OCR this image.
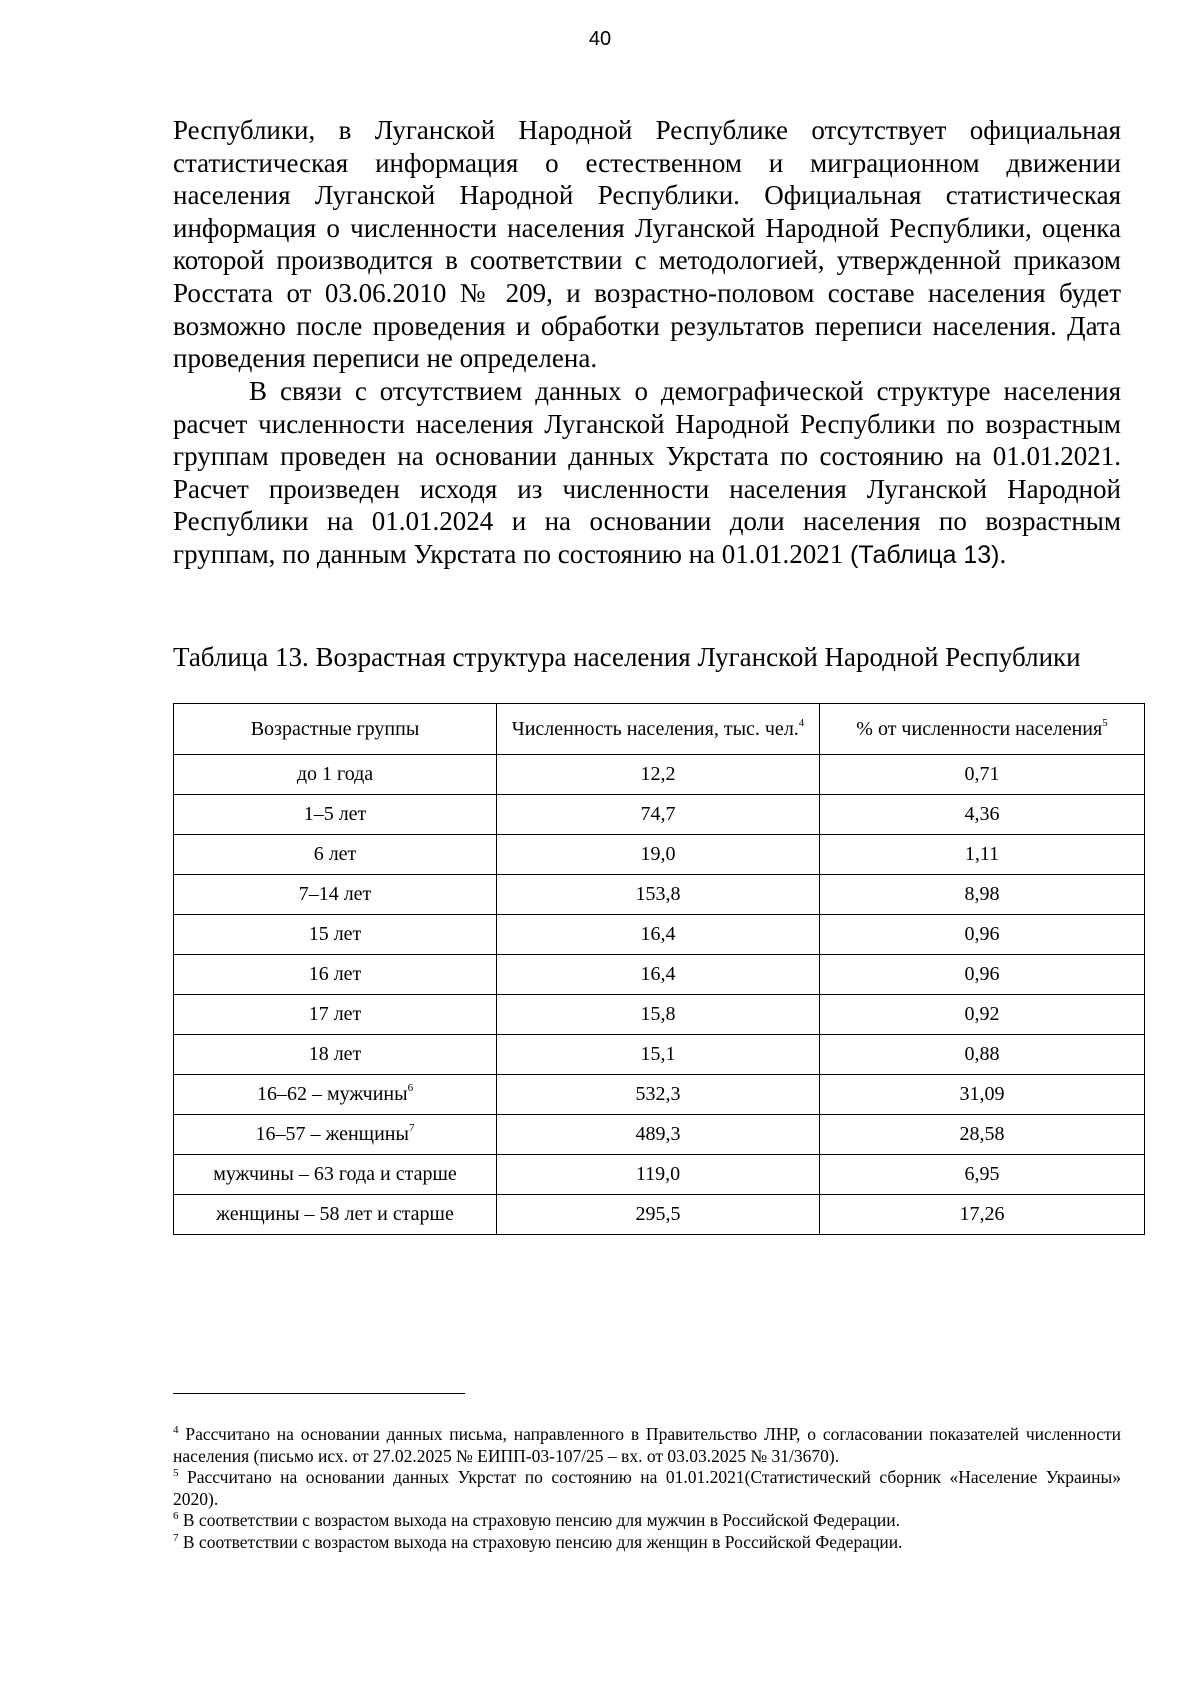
40

Республики, в Луганской Народной Республике отсутствует официальная статистическая информация о естественном и миграционном движении населения Луганской Народной Республики. Официальная статистическая информация о численности населения Луганской Народной Республики, оценка которой производится в соответствии с методологией, утвержденной приказом Росстата от 03.06.2010 № 209, и возрастно-половом составе населения будет возможно после проведения и обработки результатов переписи населения. Дата проведения переписи не определена.

В связи с отсутствием данных о демографической структуре населения расчет численности населения Луганской Народной Республики по возрастным группам проведен на основании данных Укрстата по состоянию на 01.01.2021. Расчет произведен исходя из численности населения Луганской Народной Республики на 01.01.2024 и на основании доли населения по возрастным группам, по данным Укрстата по состоянию на 01.01.2021 (Таблица 13).

Таблица 13. Возрастная структура населения Луганской Народной Республики

Возрастные группы	Численность населения, тыс. чел.$^4$	% от численности населения$^5$
до 1 года	12,2	0,71
1–5 лет	74,7	4,36
6 лет	19,0	1,11
7–14 лет	153,8	8,98
15 лет	16,4	0,96
16 лет	16,4	0,96
17 лет	15,8	0,92
18 лет	15,1	0,88
16–62 – мужчины$^6$	532,3	31,09
16–57 – женщины$^7$	489,3	28,58
мужчины – 63 года и старше	119,0	6,95
женщины – 58 лет и старше	295,5	17,26

$^4$ Рассчитано на основании данных письма, направленного в Правительство ЛНР, о согласовании показателей численности населения (письмо исх. от 27.02.2025 № ЕИПП-03-107/25 – вх. от 03.03.2025 № 31/3670).

$^5$ Рассчитано на основании данных Укрстат по состоянию на 01.01.2021(Статистический сборник «Население Украины» 2020).

$^6$ В соответствии с возрастом выхода на страховую пенсию для мужчин в Российской Федерации.

$^7$ В соответствии с возрастом выхода на страховую пенсию для женщин в Российской Федерации.
